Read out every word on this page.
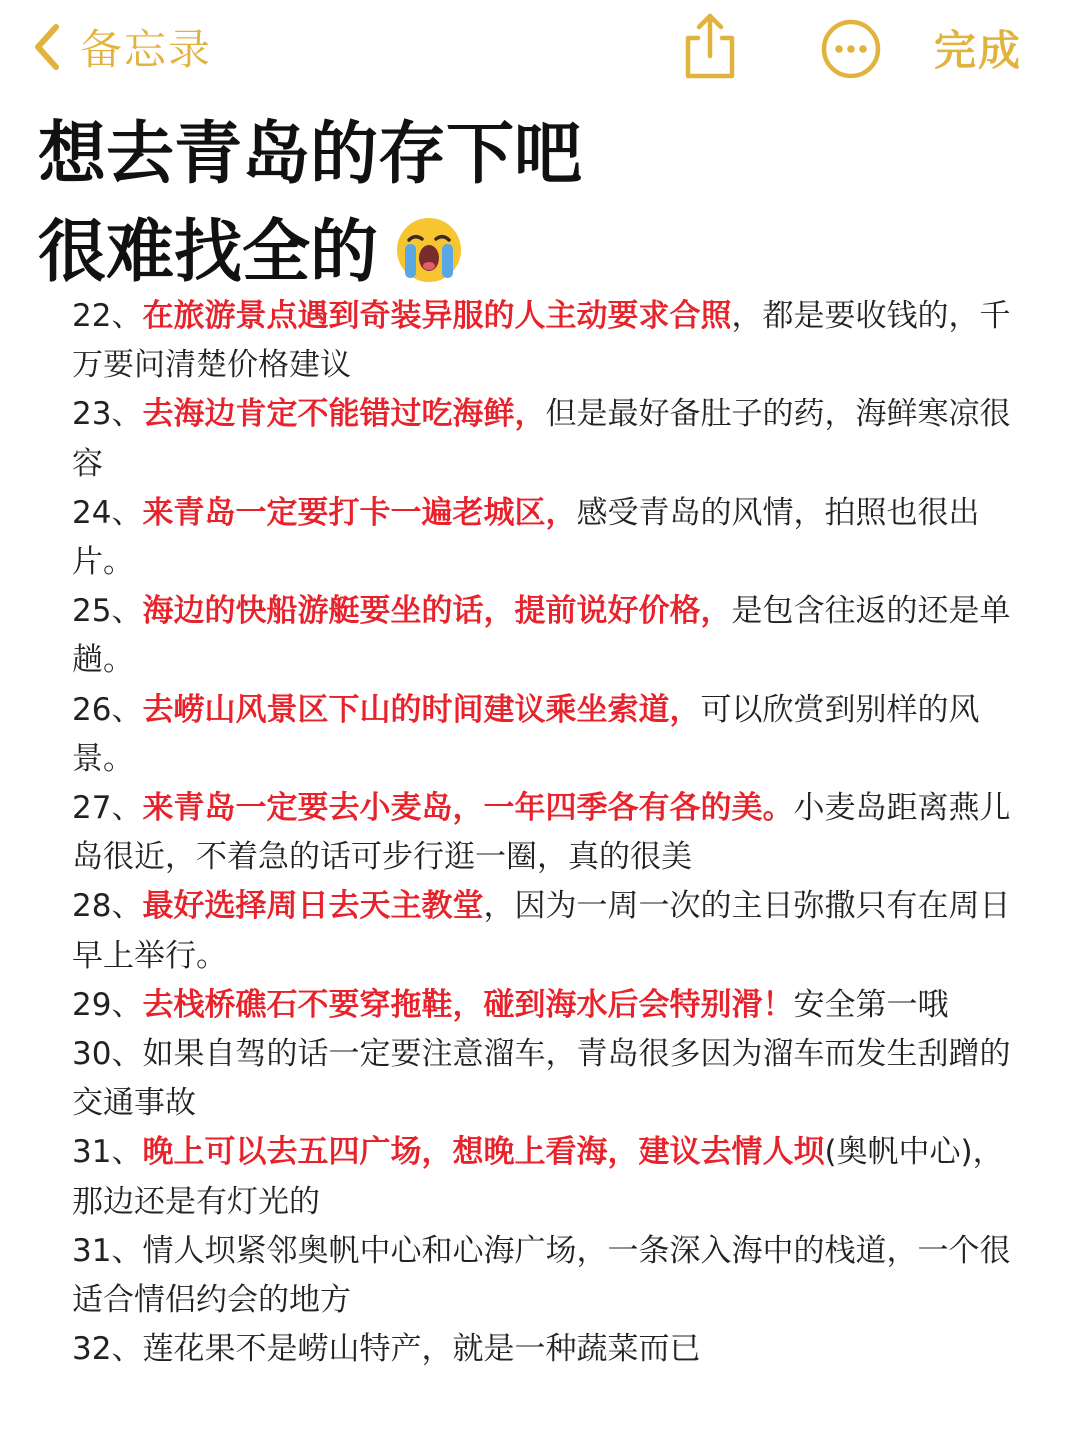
备忘录	完成
想去青岛的存下吧
很难找全的
22、在旅游景点遇到奇装异服的人主动要求合照，都是要收钱的，千万要问清楚价格建议
23、去海边肯定不能错过吃海鲜，但是最好备肚子的药，海鲜寒凉很容
24、来青岛一定要打卡一遍老城区，感受青岛的风情，拍照也很出片。
25、海边的快船游艇要坐的话，提前说好价格，是包含往返的还是单趟。
26、去崂山风景区下山的时间建议乘坐索道，可以欣赏到别样的风景。
27、来青岛一定要去小麦岛，一年四季各有各的美。小麦岛距离燕儿岛很近，不着急的话可步行逛一圈，真的很美
28、最好选择周日去天主教堂，因为一周一次的主日弥撒只有在周日早上举行。
29、去栈桥礁石不要穿拖鞋，碰到海水后会特别滑！安全第一哦
30、如果自驾的话一定要注意溜车，青岛很多因为溜车而发生刮蹭的交通事故
31、晚上可以去五四广场，想晚上看海，建议去情人坝(奥帆中心)，那边还是有灯光的
31、情人坝紧邻奥帆中心和心海广场，一条深入海中的栈道，一个很适合情侣约会的地方
32、莲花果不是崂山特产，就是一种蔬菜而已
